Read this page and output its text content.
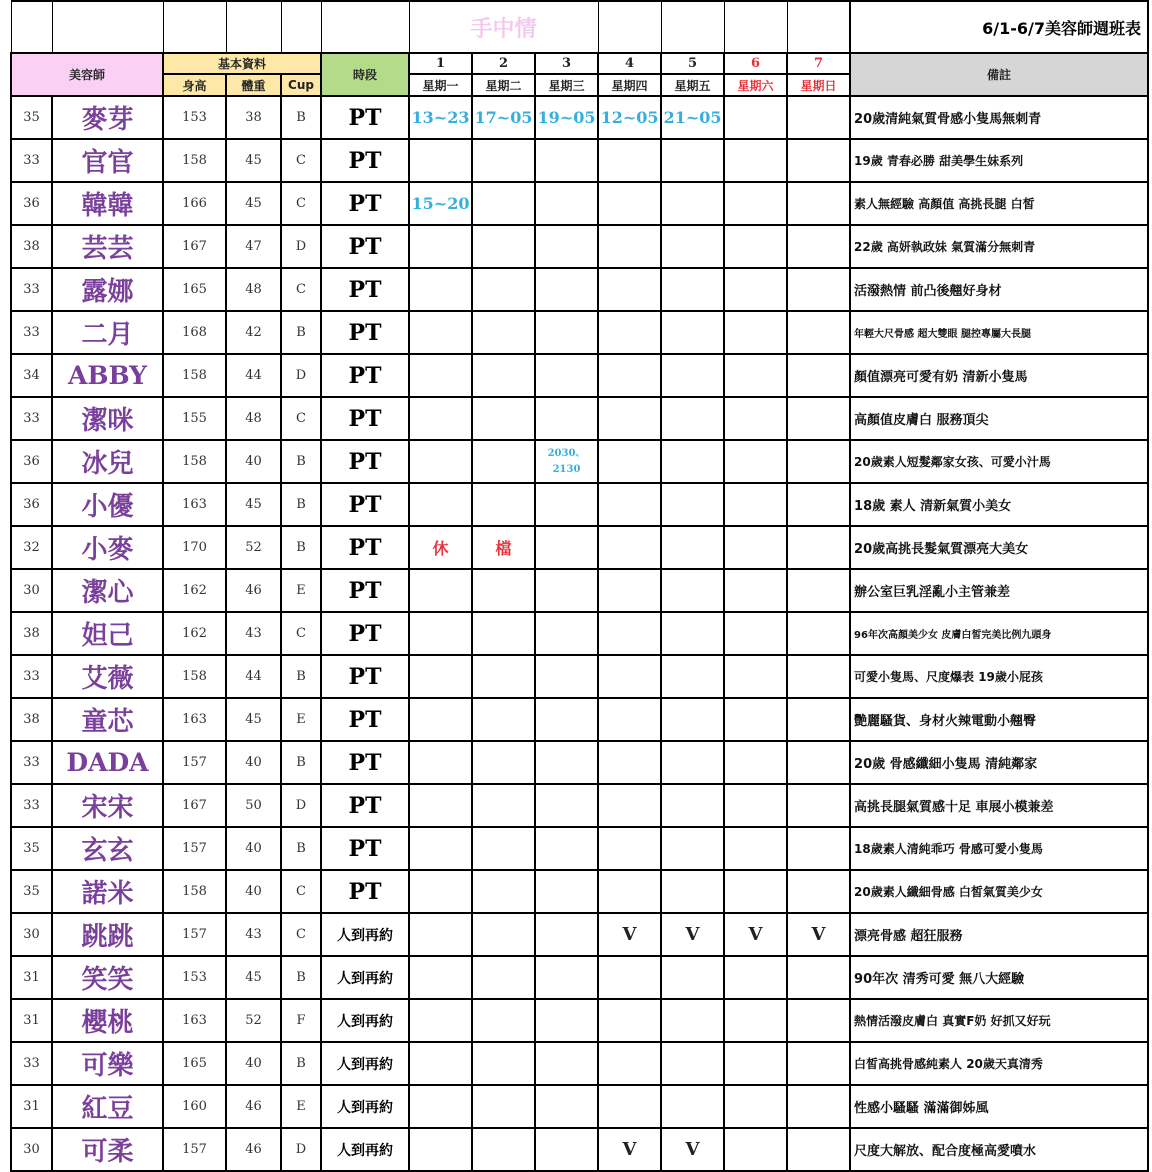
						手中情							6/1-6/7美容師週班表
美容師		基本資料			時段	1	2	3	4	5	6	7	備註
		身高	體重	Cup		星期一	星期二	星期三	星期四	星期五	星期六	星期日	
35	麥芽	153	38	B	PT	13~23	17~05	19~05	12~05	21~05			20歲清純氣質骨感小隻馬無刺青
33	官官	158	45	C	PT								19歲 青春必勝 甜美學生妹系列
36	韓韓	166	45	C	PT	15~20							素人無經驗 高顏值 高挑長腿 白皙
38	芸芸	167	47	D	PT								22歲 高妍執政妹 氣質滿分無刺青
33	露娜	165	48	C	PT								活潑熱情 前凸後翹好身材
33	二月	168	42	B	PT								年輕大尺骨感 超大雙眼 腿控專屬大長腿
34	ABBY	158	44	D	PT								顏值漂亮可愛有奶 清新小隻馬
33	潔咪	155	48	C	PT								高顏值皮膚白 服務頂尖
36	冰兒	158	40	B	PT			2030、2130					20歲素人短髮鄰家女孩、可愛小汁馬
36	小優	163	45	B	PT								18歲 素人 清新氣質小美女
32	小麥	170	52	B	PT	休	檔						20歲高挑長髮氣質漂亮大美女
30	潔心	162	46	E	PT								辦公室巨乳淫亂小主管兼差
38	妲己	162	43	C	PT								96年次高顏美少女 皮膚白皙完美比例九頭身
33	艾薇	158	44	B	PT								可愛小隻馬、尺度爆表 19歲小屁孩
38	童芯	163	45	E	PT								艷麗騷貨、身材火辣電動小翹臀
33	DADA	157	40	B	PT								20歲 骨感纖細小隻馬 清純鄰家
33	宋宋	167	50	D	PT								高挑長腿氣質感十足 車展小模兼差
35	玄玄	157	40	B	PT								18歲素人清純乖巧 骨感可愛小隻馬
35	諾米	158	40	C	PT								20歲素人纖細骨感 白皙氣質美少女
30	跳跳	157	43	C	人到再約				V	V	V	V	漂亮骨感 超狂服務
31	笑笑	153	45	B	人到再約								90年次 清秀可愛 無八大經驗
31	櫻桃	163	52	F	人到再約								熱情活潑皮膚白 真實F奶 好抓又好玩
33	可樂	165	40	B	人到再約								白皙高挑骨感純素人 20歲天真清秀
31	紅豆	160	46	E	人到再約								性感小騷騷 滿滿御姊風
30	可柔	157	46	D	人到再約				V	V			尺度大解放、配合度極高愛噴水
